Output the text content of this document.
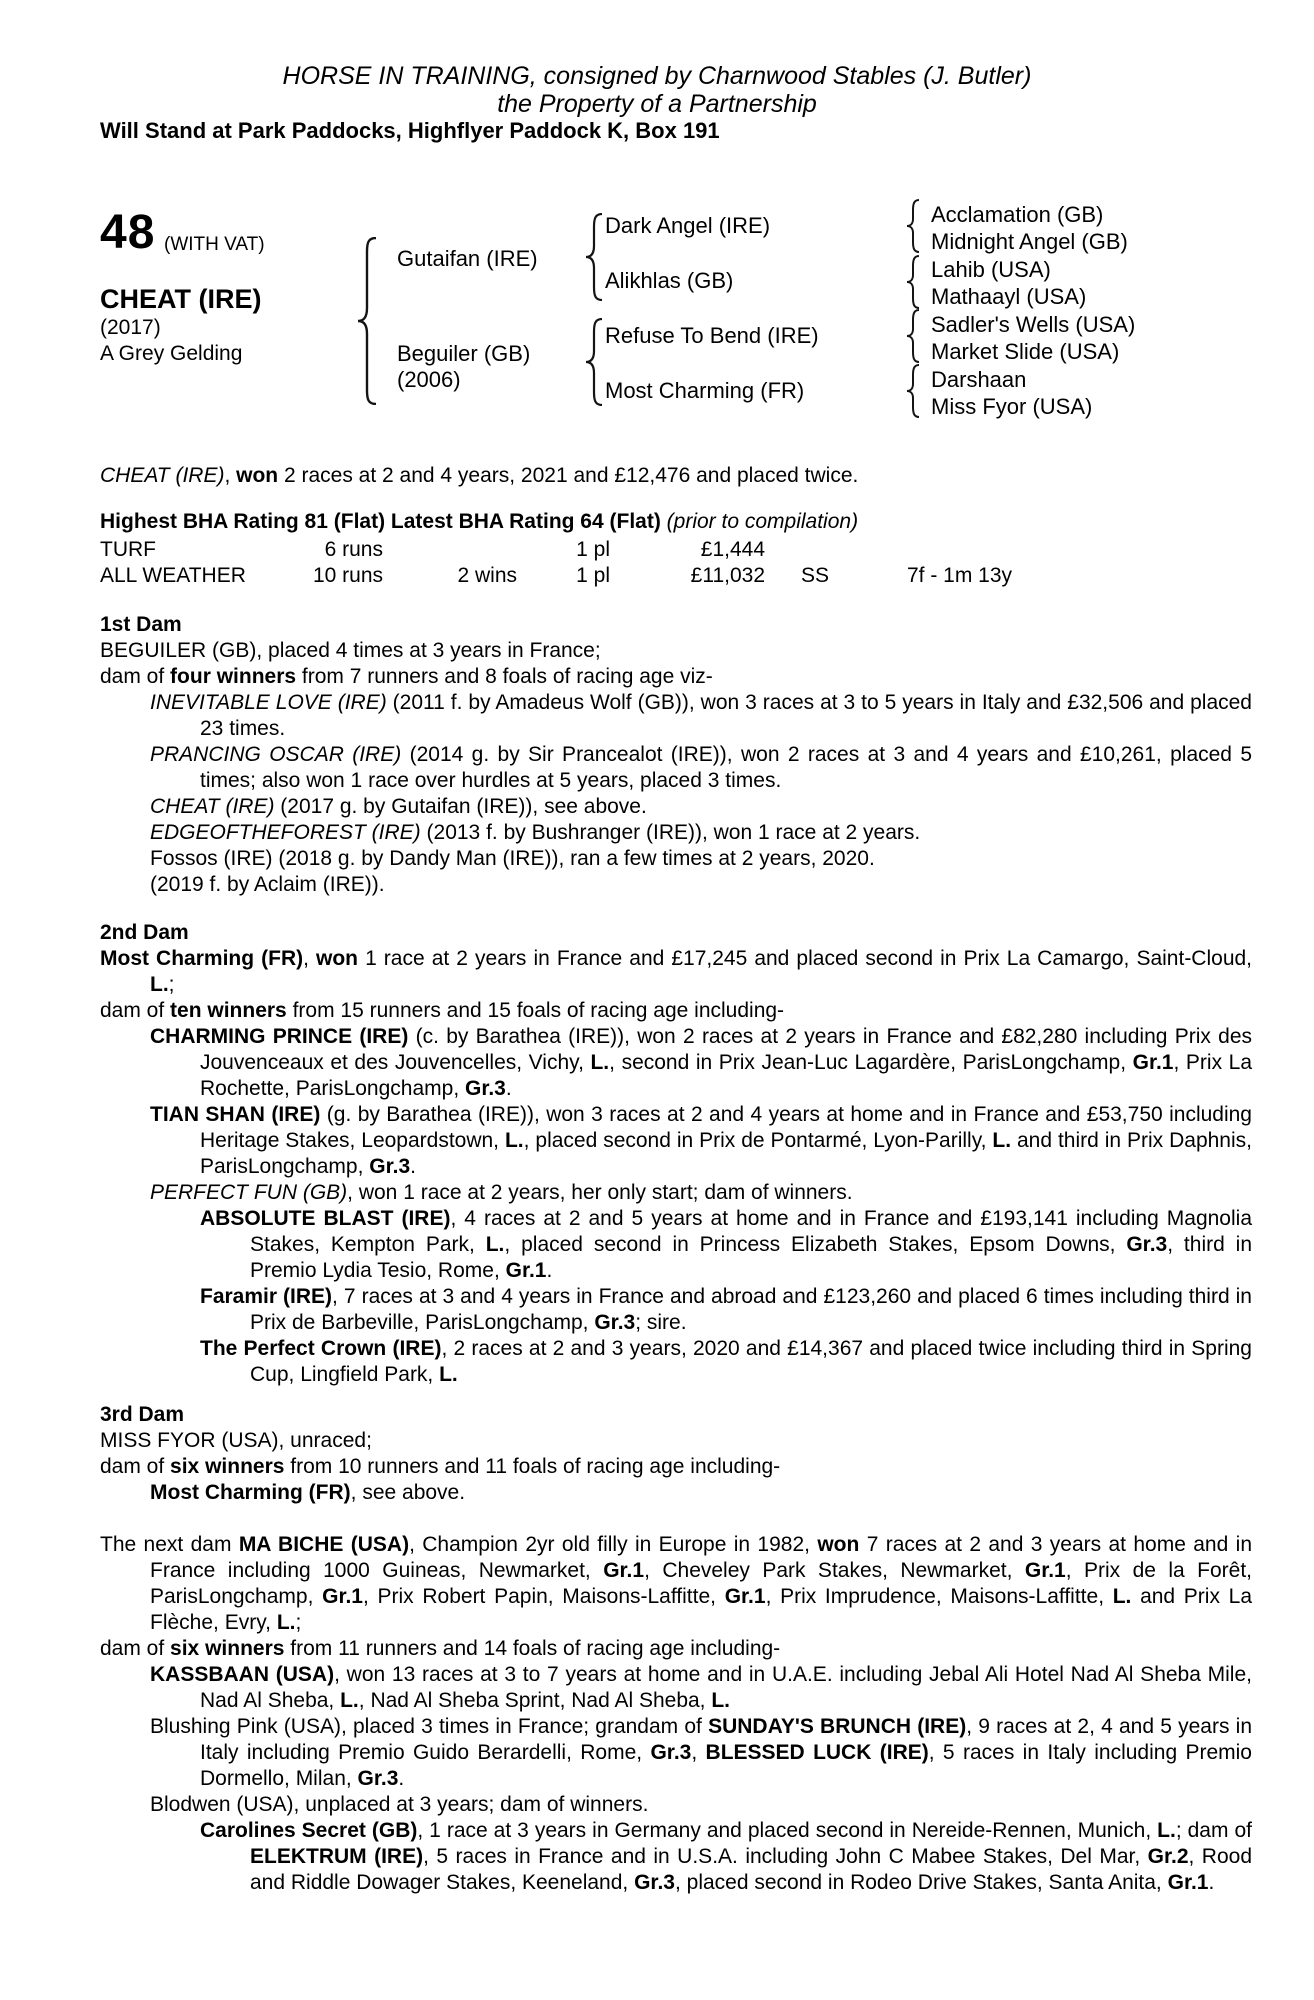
HORSE IN TRAINING, consigned by Charnwood Stables (J. Butler)
the Property of a Partnership
Will Stand at Park Paddocks, Highflyer Paddock K, Box 191
48 (WITH VAT)
CHEAT (IRE)
(2017)
A Grey Gelding
Gutaifan (IRE)
Beguiler (GB)
(2006)
Dark Angel (IRE)
Alikhlas (GB)
Refuse To Bend (IRE)
Most Charming (FR)
Acclamation (GB)
Midnight Angel (GB)
Lahib (USA)
Mathaayl (USA)
Sadler's Wells (USA)
Market Slide (USA)
Darshaan
Miss Fyor (USA)
CHEAT (IRE), won 2 races at 2 and 4 years, 2021 and £12,476 and placed twice.
Highest BHA Rating 81 (Flat) Latest BHA Rating 64 (Flat) (prior to compilation)
TURF	6 runs	1 pl	£1,444
ALL WEATHER	10 runs	2 wins	1 pl	£11,032	SS	7f - 1m 13y

1st Dam

BEGUILER (GB), placed 4 times at 3 years in France;

dam of four winners from 7 runners and 8 foals of racing age viz-

INEVITABLE LOVE (IRE) (2011 f. by Amadeus Wolf (GB)), won 3 races at 3 to 5 years in Italy and £32,506 and placed 23 times.

PRANCING OSCAR (IRE) (2014 g. by Sir Prancealot (IRE)), won 2 races at 3 and 4 years and £10,261, placed 5 times; also won 1 race over hurdles at 5 years, placed 3 times.

CHEAT (IRE) (2017 g. by Gutaifan (IRE)), see above.

EDGEOFTHEFOREST (IRE) (2013 f. by Bushranger (IRE)), won 1 race at 2 years.

Fossos (IRE) (2018 g. by Dandy Man (IRE)), ran a few times at 2 years, 2020.

(2019 f. by Aclaim (IRE)).

2nd Dam

Most Charming (FR), won 1 race at 2 years in France and £17,245 and placed second in Prix La Camargo, Saint-Cloud, L.;

dam of ten winners from 15 runners and 15 foals of racing age including-

CHARMING PRINCE (IRE) (c. by Barathea (IRE)), won 2 races at 2 years in France and £82,280 including Prix des Jouvenceaux et des Jouvencelles, Vichy, L., second in Prix Jean-Luc Lagardère, ParisLongchamp, Gr.1, Prix La Rochette, ParisLongchamp, Gr.3.

TIAN SHAN (IRE) (g. by Barathea (IRE)), won 3 races at 2 and 4 years at home and in France and £53,750 including Heritage Stakes, Leopardstown, L., placed second in Prix de Pontarmé, Lyon-Parilly, L. and third in Prix Daphnis, ParisLongchamp, Gr.3.

PERFECT FUN (GB), won 1 race at 2 years, her only start; dam of winners.

ABSOLUTE BLAST (IRE), 4 races at 2 and 5 years at home and in France and £193,141 including Magnolia Stakes, Kempton Park, L., placed second in Princess Elizabeth Stakes, Epsom Downs, Gr.3, third in Premio Lydia Tesio, Rome, Gr.1.

Faramir (IRE), 7 races at 3 and 4 years in France and abroad and £123,260 and placed 6 times including third in Prix de Barbeville, ParisLongchamp, Gr.3; sire.

The Perfect Crown (IRE), 2 races at 2 and 3 years, 2020 and £14,367 and placed twice including third in Spring Cup, Lingfield Park, L.

3rd Dam

MISS FYOR (USA), unraced;

dam of six winners from 10 runners and 11 foals of racing age including-

Most Charming (FR), see above.

The next dam MA BICHE (USA), Champion 2yr old filly in Europe in 1982, won 7 races at 2 and 3 years at home and in France including 1000 Guineas, Newmarket, Gr.1, Cheveley Park Stakes, Newmarket, Gr.1, Prix de la Forêt, ParisLongchamp, Gr.1, Prix Robert Papin, Maisons-Laffitte, Gr.1, Prix Imprudence, Maisons-Laffitte, L. and Prix La Flèche, Evry, L.;

dam of six winners from 11 runners and 14 foals of racing age including-

KASSBAAN (USA), won 13 races at 3 to 7 years at home and in U.A.E. including Jebal Ali Hotel Nad Al Sheba Mile, Nad Al Sheba, L., Nad Al Sheba Sprint, Nad Al Sheba, L.

Blushing Pink (USA), placed 3 times in France; grandam of SUNDAY'S BRUNCH (IRE), 9 races at 2, 4 and 5 years in Italy including Premio Guido Berardelli, Rome, Gr.3, BLESSED LUCK (IRE), 5 races in Italy including Premio Dormello, Milan, Gr.3.

Blodwen (USA), unplaced at 3 years; dam of winners.

Carolines Secret (GB), 1 race at 3 years in Germany and placed second in Nereide-Rennen, Munich, L.; dam of ELEKTRUM (IRE), 5 races in France and in U.S.A. including John C Mabee Stakes, Del Mar, Gr.2, Rood and Riddle Dowager Stakes, Keeneland, Gr.3, placed second in Rodeo Drive Stakes, Santa Anita, Gr.1.
